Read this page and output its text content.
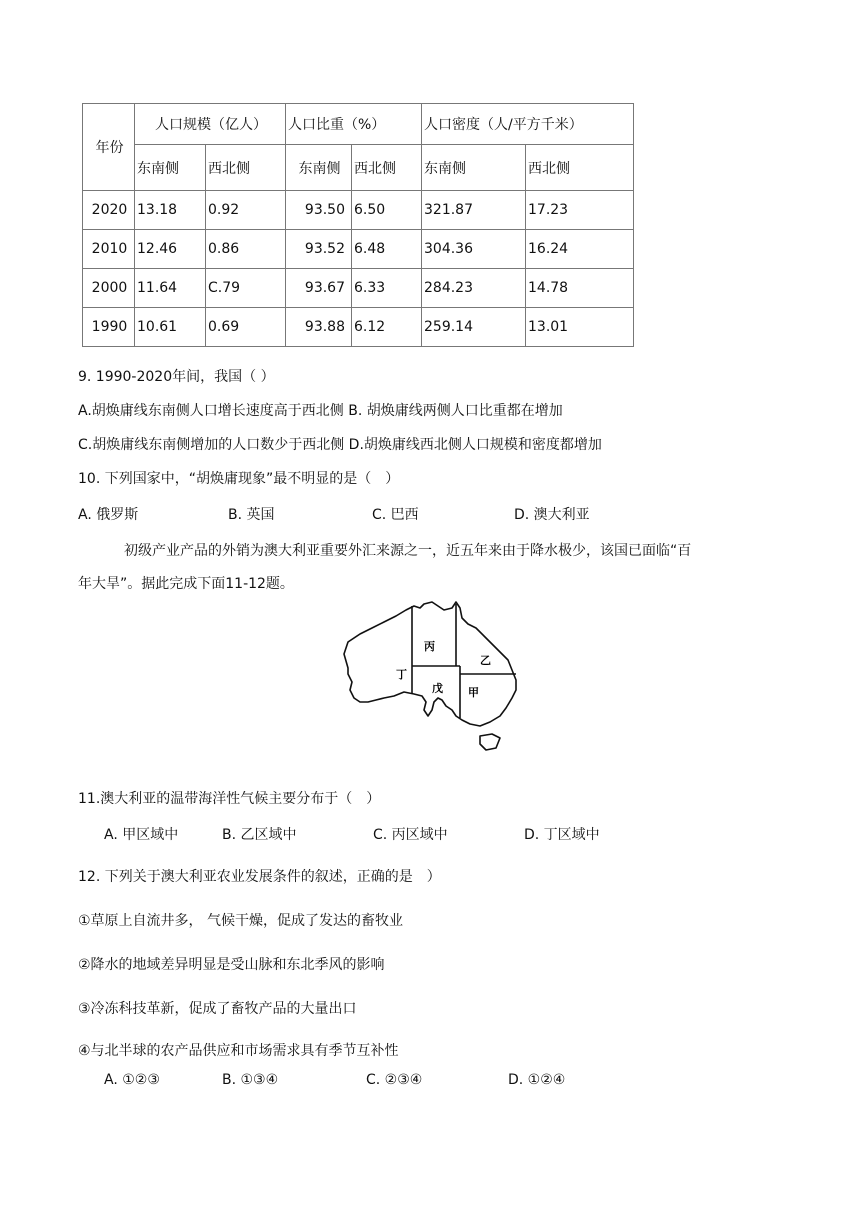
年份	人口规模（亿人）		人口比重（%）		人口密度（人/平方千米）	
	东南侧	西北侧	东南侧	西北侧	东南侧	西北侧
2020	13.18	0.92	93.50	6.50	321.87	17.23
2010	12.46	0.86	93.52	6.48	304.36	16.24
2000	11.64	C.79	93.67	6.33	284.23	14.78
1990	10.61	0.69	93.88	6.12	259.14	13.01
9. 1990-2020年间，我国（ ）
A.胡焕庸线东南侧人口增长速度高于西北侧 B. 胡焕庸线两侧人口比重都在增加
C.胡焕庸线东南侧增加的人口数少于西北侧 D.胡焕庸线西北侧人口规模和密度都增加
10. 下列国家中，“胡焕庸现象”最不明显的是（　）
A. 俄罗斯	B. 英国	C. 巴西	D. 澳大利亚
初级产业产品的外销为澳大利亚重要外汇来源之一，近五年来由于降水极少，该国已面临“百
年大旱”。据此完成下面11-12题。
丙
乙
丁
戊 甲
11.澳大利亚的温带海洋性气候主要分布于（　）
A. 甲区域中	B. 乙区域中	C. 丙区域中	D. 丁区域中
12. 下列关于澳大利亚农业发展条件的叙述，正确的是　）
①草原上自流井多， 气候干燥，促成了发达的畜牧业
②降水的地域差异明显是受山脉和东北季风的影响
③冷冻科技革新，促成了畜牧产品的大量出口
④与北半球的农产品供应和市场需求具有季节互补性
A. ①②③	B. ①③④	C. ②③④	D. ①②④
